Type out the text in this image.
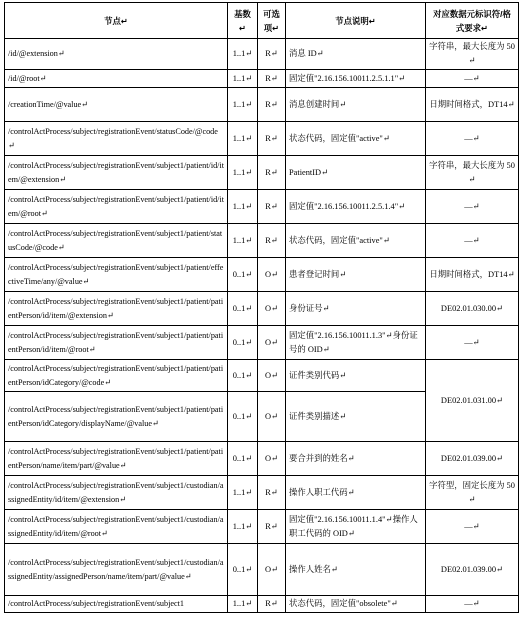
节点↵	基数↵	可选项↵	节点说明↵	对应数据元标识符/格式要求↵
/id/@extension↵	1..1↵	R↵	消息 ID↵	字符串，最大长度为 50↵
/id/@root↵	1..1↵	R↵	固定值"2.16.156.10011.2.5.1.1"↵	—↵
/creationTime/@value↵	1..1↵	R↵	消息创建时间↵	日期时间格式，DT14↵
/controlActProcess/subject/registrationEvent/statusCode/@code↵	1..1↵	R↵	状态代码，固定值"active"↵	—↵
/controlActProcess/subject/registrationEvent/subject1/patient/id/item/@extension↵	1..1↵	R↵	PatientID↵	字符串，最大长度为 50↵
/controlActProcess/subject/registrationEvent/subject1/patient/id/item/@root↵	1..1↵	R↵	固定值"2.16.156.10011.2.5.1.4"↵	—↵
/controlActProcess/subject/registrationEvent/subject1/patient/statusCode/@code↵	1..1↵	R↵	状态代码，固定值"active"↵	—↵
/controlActProcess/subject/registrationEvent/subject1/patient/effectiveTime/any/@value↵	0..1↵	O↵	患者登记时间↵	日期时间格式，DT14↵
/controlActProcess/subject/registrationEvent/subject1/patient/patientPerson/id/item/@extension↵	0..1↵	O↵	身份证号↵	DE02.01.030.00↵
/controlActProcess/subject/registrationEvent/subject1/patient/patientPerson/id/item/@root↵	0..1↵	O↵	固定值"2.16.156.10011.1.3"↵身份证号的 OID↵	—↵
/controlActProcess/subject/registrationEvent/subject1/patient/patientPerson/idCategory/@code↵	0..1↵	O↵	证件类别代码↵	DE02.01.031.00↵
/controlActProcess/subject/registrationEvent/subject1/patient/patientPerson/idCategory/displayName/@value↵	0..1↵	O↵	证件类别描述↵	
/controlActProcess/subject/registrationEvent/subject1/patient/patientPerson/name/item/part/@value↵	0..1↵	O↵	要合并到的姓名↵	DE02.01.039.00↵
/controlActProcess/subject/registrationEvent/subject1/custodian/assignedEntity/id/item/@extension↵	1..1↵	R↵	操作人职工代码↵	字符型，固定长度为 50↵
/controlActProcess/subject/registrationEvent/subject1/custodian/assignedEntity/id/item/@root↵	1..1↵	R↵	固定值"2.16.156.10011.1.4"↵操作人职工代码的 OID↵	—↵
/controlActProcess/subject/registrationEvent/subject1/custodian/assignedEntity/assignedPerson/name/item/part/@value↵	0..1↵	O↵	操作人姓名↵	DE02.01.039.00↵
/controlActProcess/subject/registrationEvent/subject1	1..1↵	R↵	状态代码，固定值"obsolete"↵	—↵
